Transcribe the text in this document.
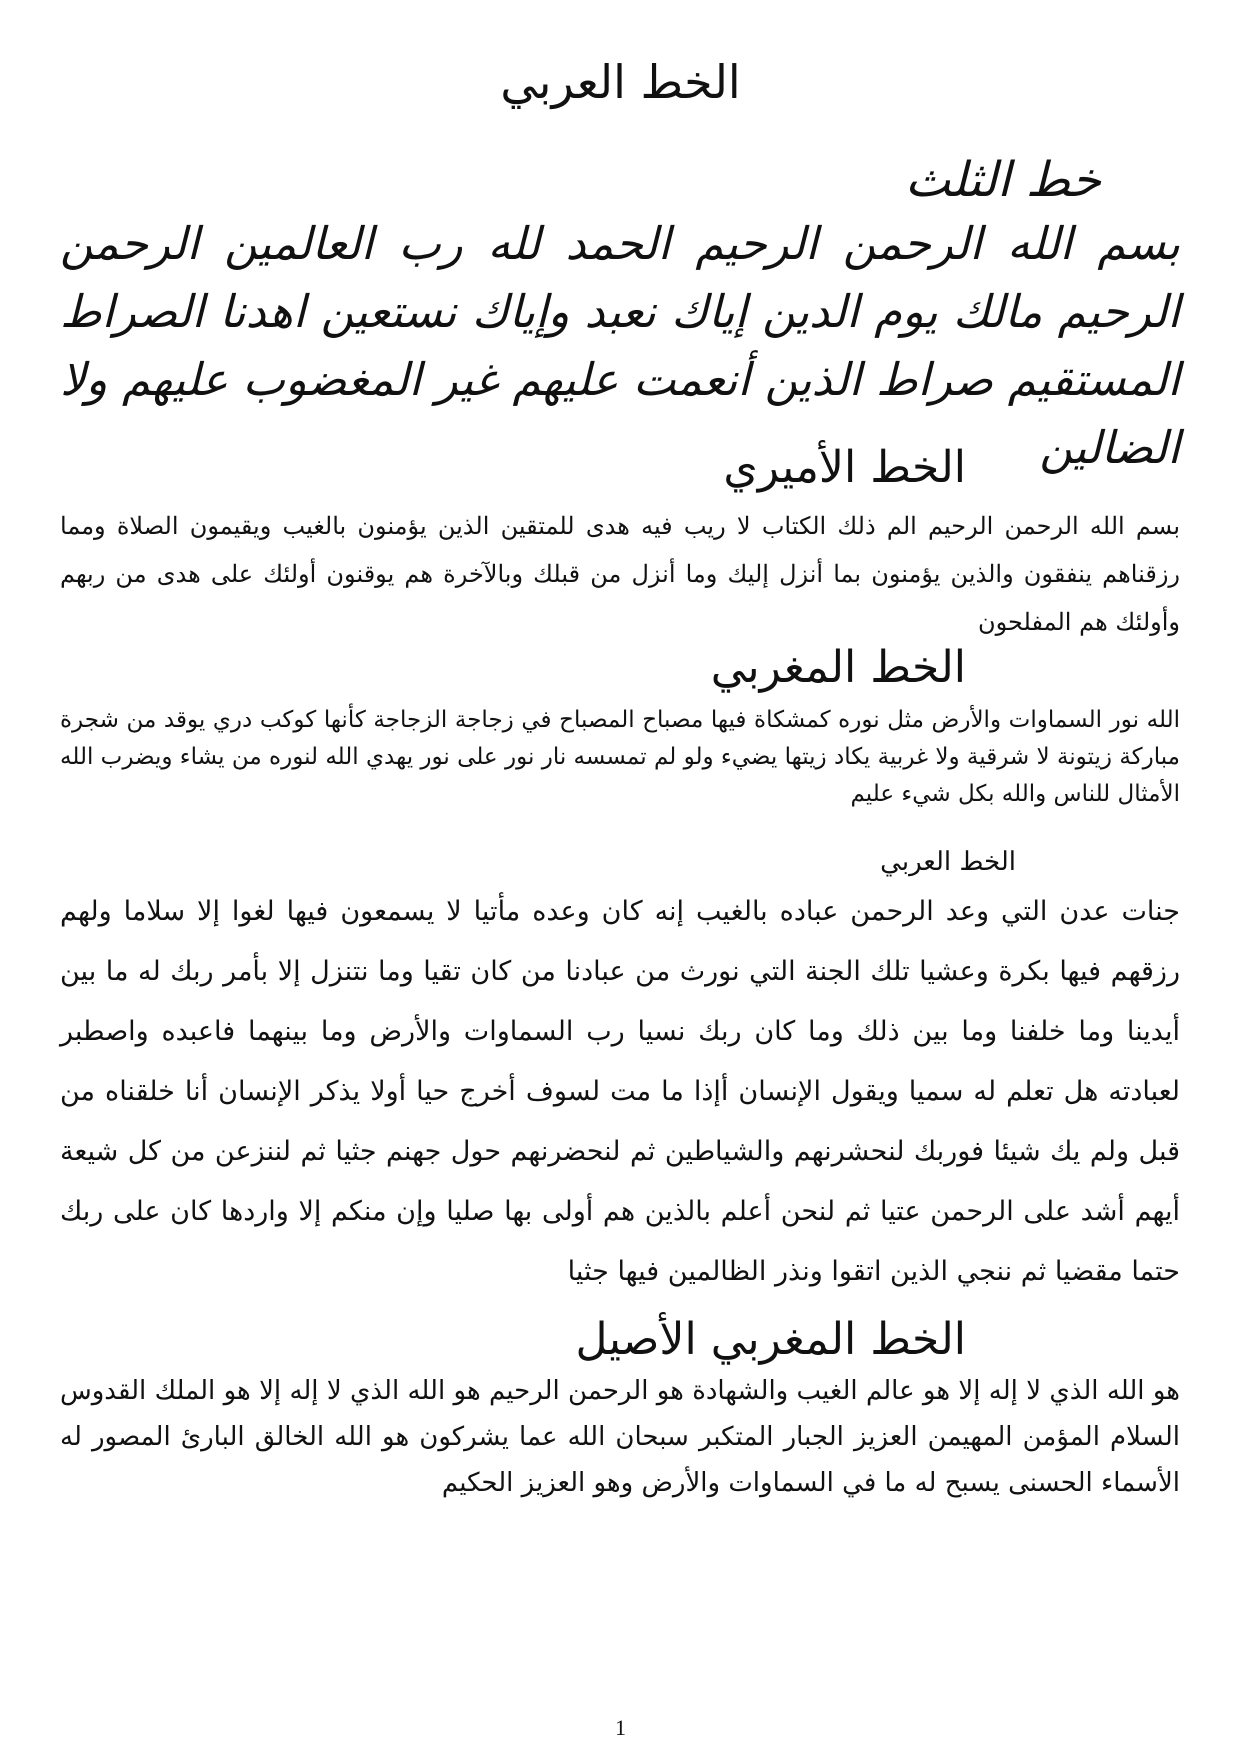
الخط العربي
خط الثلث

بسم الله الرحمن الرحيم الحمد لله رب العالمين الرحمن الرحيم مالك يوم الدين إياك نعبد وإياك نستعين اهدنا الصراط المستقيم صراط الذين أنعمت عليهم غير المغضوب عليهم ولا الضالين

الخط الأميري

بسم الله الرحمن الرحيم الم ذلك الكتاب لا ريب فيه هدى للمتقين الذين يؤمنون بالغيب ويقيمون الصلاة ومما رزقناهم ينفقون والذين يؤمنون بما أنزل إليك وما أنزل من قبلك وبالآخرة هم يوقنون أولئك على هدى من ربهم وأولئك هم المفلحون

الخط المغربي

الله نور السماوات والأرض مثل نوره كمشكاة فيها مصباح المصباح في زجاجة الزجاجة كأنها كوكب دري يوقد من شجرة مباركة زيتونة لا شرقية ولا غربية يكاد زيتها يضيء ولو لم تمسسه نار نور على نور يهدي الله لنوره من يشاء ويضرب الله الأمثال للناس والله بكل شيء عليم

الخط العربي

جنات عدن التي وعد الرحمن عباده بالغيب إنه كان وعده مأتيا لا يسمعون فيها لغوا إلا سلاما ولهم رزقهم فيها بكرة وعشيا تلك الجنة التي نورث من عبادنا من كان تقيا وما نتنزل إلا بأمر ربك له ما بين أيدينا وما خلفنا وما بين ذلك وما كان ربك نسيا رب السماوات والأرض وما بينهما فاعبده واصطبر لعبادته هل تعلم له سميا ويقول الإنسان أإذا ما مت لسوف أخرج حيا أولا يذكر الإنسان أنا خلقناه من قبل ولم يك شيئا فوربك لنحشرنهم والشياطين ثم لنحضرنهم حول جهنم جثيا ثم لننزعن من كل شيعة أيهم أشد على الرحمن عتيا ثم لنحن أعلم بالذين هم أولى بها صليا وإن منكم إلا واردها كان على ربك حتما مقضيا ثم ننجي الذين اتقوا ونذر الظالمين فيها جثيا

الخط المغربي الأصيل

هو الله الذي لا إله إلا هو عالم الغيب والشهادة هو الرحمن الرحيم هو الله الذي لا إله إلا هو الملك القدوس السلام المؤمن المهيمن العزيز الجبار المتكبر سبحان الله عما يشركون هو الله الخالق البارئ المصور له الأسماء الحسنى يسبح له ما في السماوات والأرض وهو العزيز الحكيم

1
